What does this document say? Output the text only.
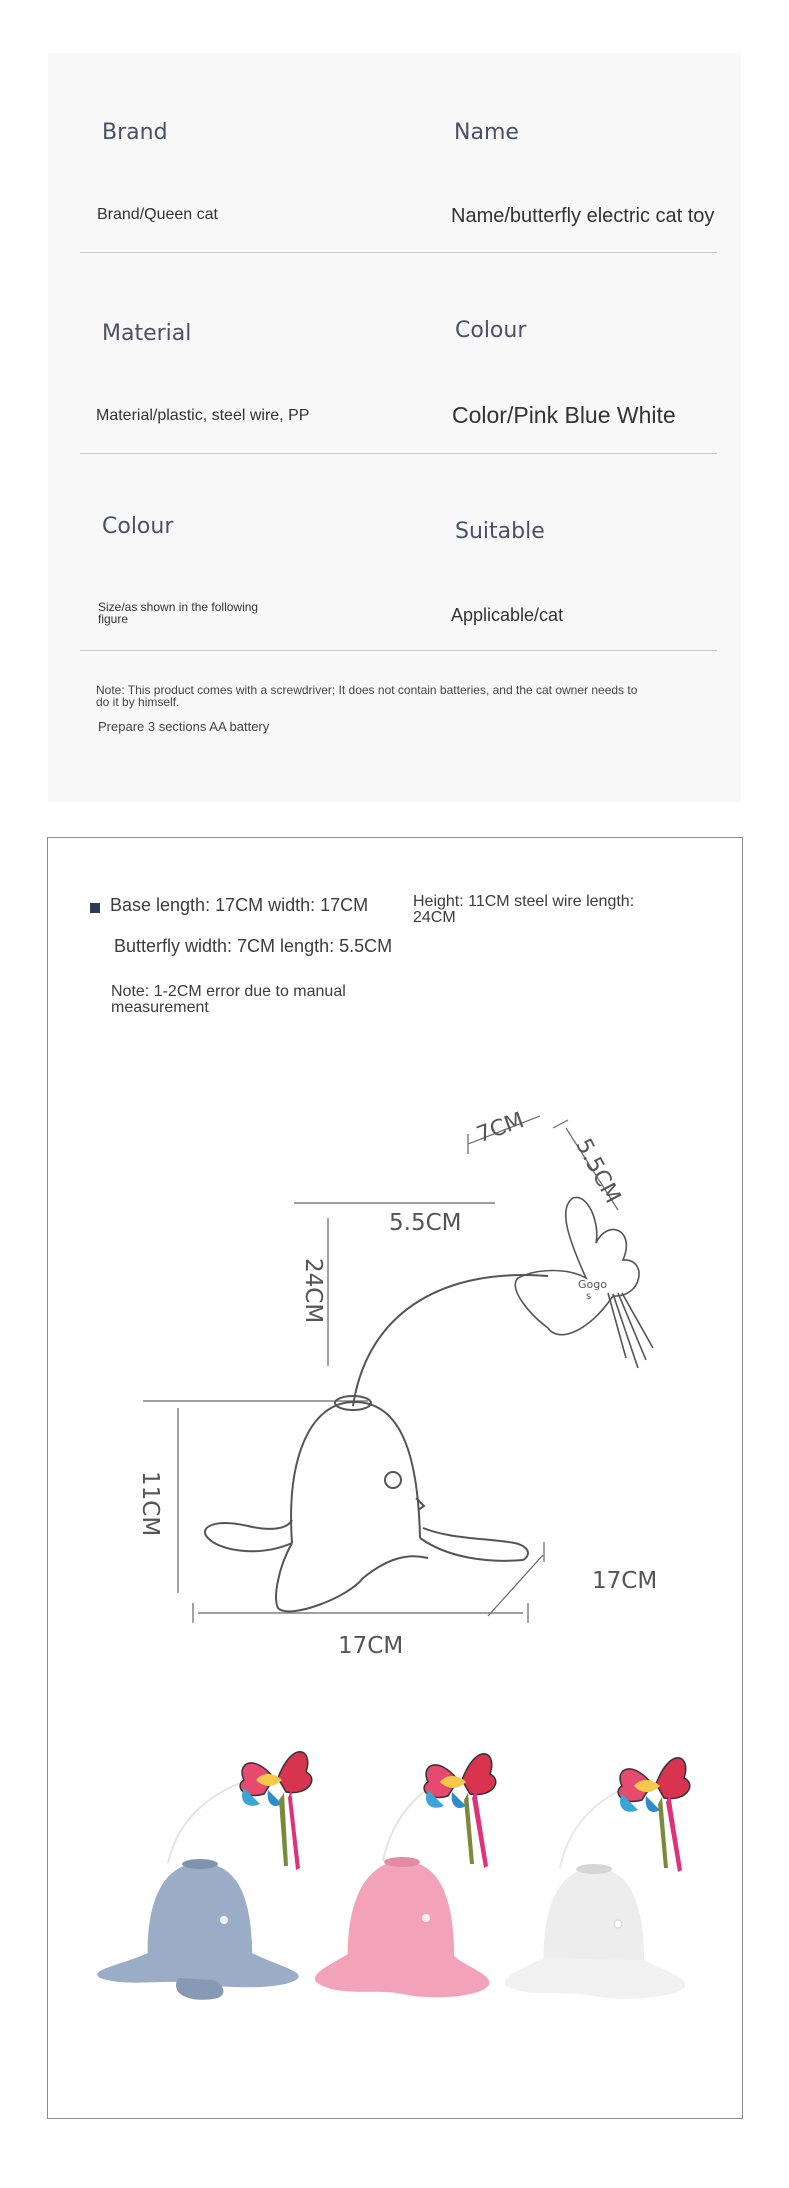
Brand	Name
Brand/Queen cat	Name/butterfly electric cat toy
Material	Colour
Material/plastic, steel wire, PP	Color/Pink Blue White
Colour	Suitable
Size/as shown in the following
figure	Applicable/cat
Note: This product comes with a screwdriver; It does not contain batteries, and the cat owner needs to
do it by himself.
Prepare 3 sections AA battery
Base length: 17CM width: 17CM	Height: 11CM steel wire length:
24CM
Butterfly width: 7CM length: 5.5CM
Note: 1-2CM error due to manual
measurement
7CM
5.5CM
5.5CM
24CM
11CM
17CM
17CM
Gogo
s
